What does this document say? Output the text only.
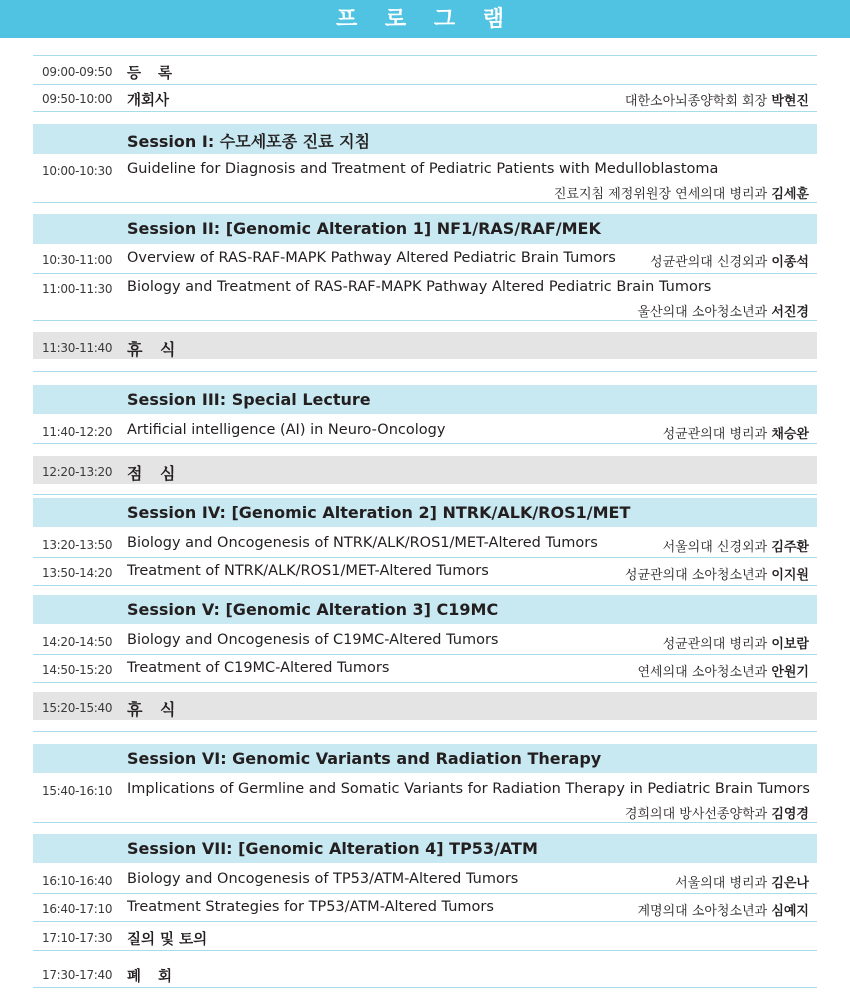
프 로 그 램
09:00-09:50 등 록
09:50-10:00 개회사	대한소아뇌종양학회 회장 박현진
Session I: 수모세포종 진료 지침
10:00-10:30 Guideline for Diagnosis and Treatment of Pediatric Patients with Medulloblastoma
진료지침 제정위원장 연세의대 병리과 김세훈
Session II: [Genomic Alteration 1] NF1/RAS/RAF/MEK
10:30-11:00 Overview of RAS-RAF-MAPK Pathway Altered Pediatric Brain Tumors	성균관의대 신경외과 이종석
11:00-11:30 Biology and Treatment of RAS-RAF-MAPK Pathway Altered Pediatric Brain Tumors
울산의대 소아청소년과 서진경
11:30-11:40 휴 식
Session III: Special Lecture
11:40-12:20 Artificial intelligence (AI) in Neuro-Oncology	성균관의대 병리과 채승완
12:20-13:20 점 심
Session IV: [Genomic Alteration 2] NTRK/ALK/ROS1/MET
13:20-13:50 Biology and Oncogenesis of NTRK/ALK/ROS1/MET-Altered Tumors	서울의대 신경외과 김주환
13:50-14:20 Treatment of NTRK/ALK/ROS1/MET-Altered Tumors	성균관의대 소아청소년과 이지원
Session V: [Genomic Alteration 3] C19MC
14:20-14:50 Biology and Oncogenesis of C19MC-Altered Tumors	성균관의대 병리과 이보람
14:50-15:20 Treatment of C19MC-Altered Tumors	연세의대 소아청소년과 안원기
15:20-15:40 휴 식
Session VI: Genomic Variants and Radiation Therapy
15:40-16:10 Implications of Germline and Somatic Variants for Radiation Therapy in Pediatric Brain Tumors
경희의대 방사선종양학과 김영경
Session VII: [Genomic Alteration 4] TP53/ATM
16:10-16:40 Biology and Oncogenesis of TP53/ATM-Altered Tumors	서울의대 병리과 김은나
16:40-17:10 Treatment Strategies for TP53/ATM-Altered Tumors	계명의대 소아청소년과 심예지
17:10-17:30 질의 및 토의
17:30-17:40 폐 회
